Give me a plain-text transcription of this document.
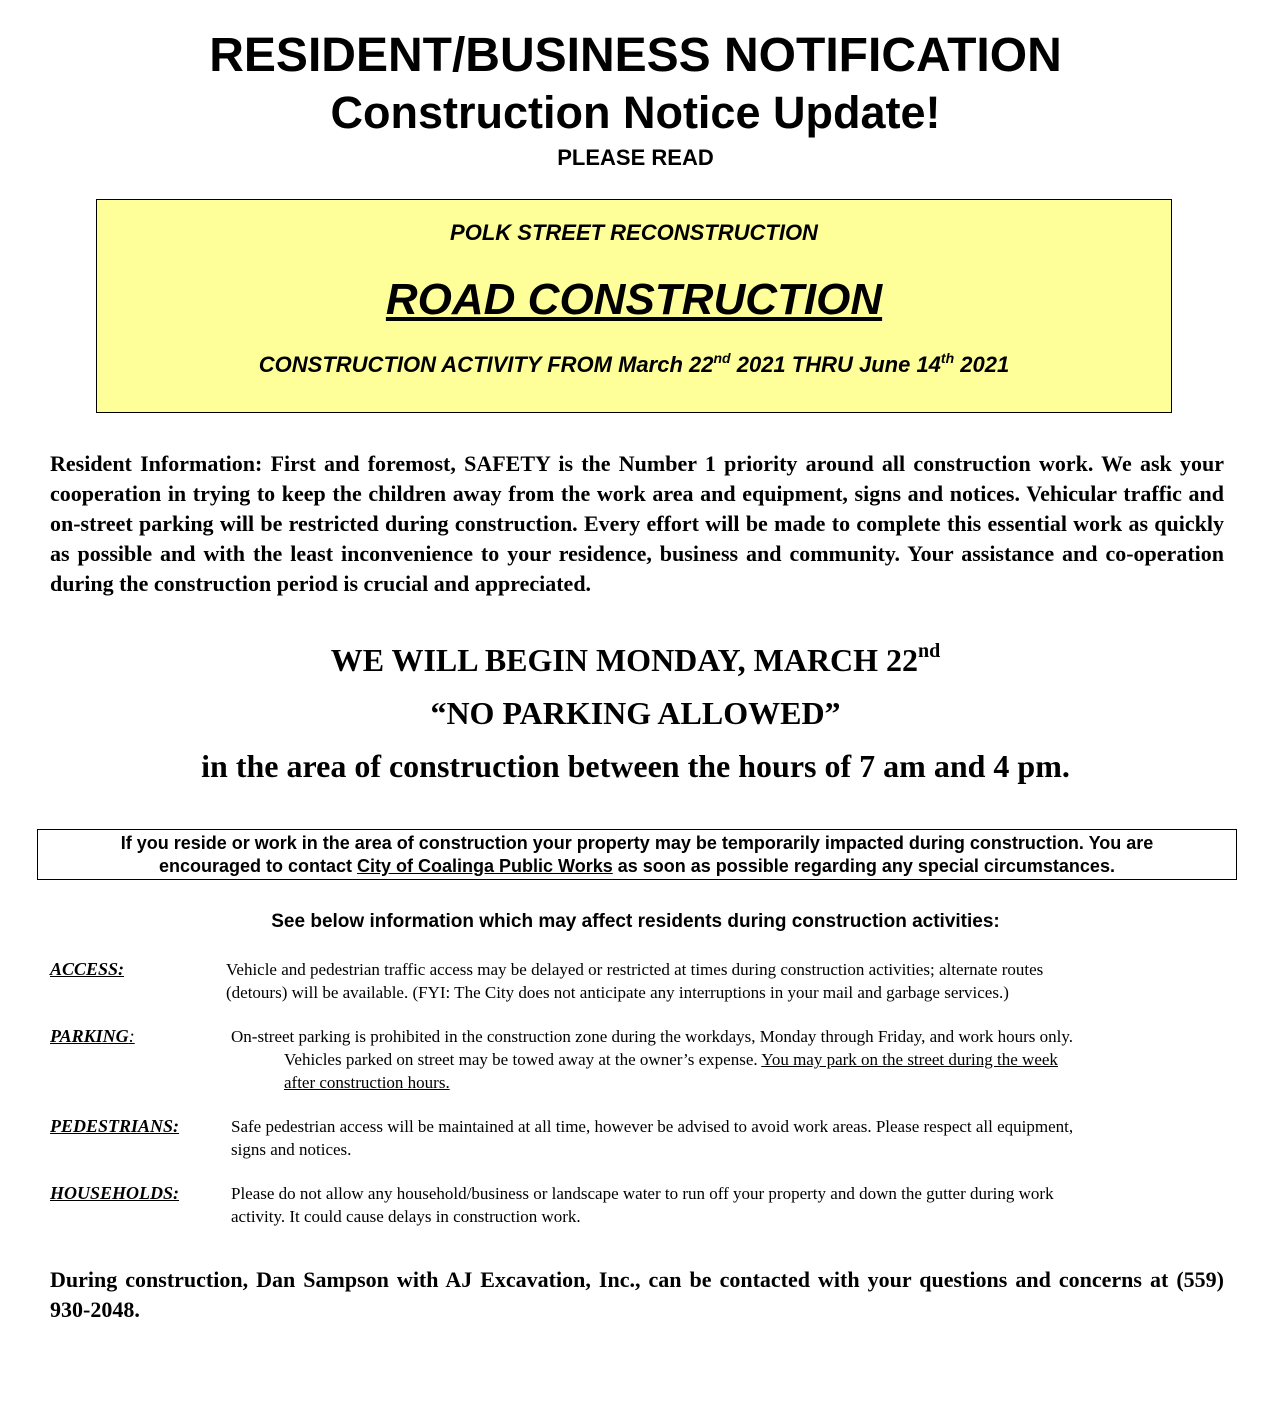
RESIDENT/BUSINESS NOTIFICATION
Construction Notice Update!
PLEASE READ
POLK STREET RECONSTRUCTION
ROAD CONSTRUCTION
CONSTRUCTION ACTIVITY FROM March 22nd 2021 THRU June 14th 2021
Resident Information: First and foremost, SAFETY is the Number 1 priority around all construction work. We ask your cooperation in trying to keep the children away from the work area and equipment, signs and notices. Vehicular traffic and on-street parking will be restricted during construction. Every effort will be made to complete this essential work as quickly as possible and with the least inconvenience to your residence, business and community. Your assistance and co-operation during the construction period is crucial and appreciated.
WE WILL BEGIN MONDAY, MARCH 22nd
“NO PARKING ALLOWED”
in the area of construction between the hours of 7 am and 4 pm.
If you reside or work in the area of construction your property may be temporarily impacted during construction. You are
encouraged to contact City of Coalinga Public Works as soon as possible regarding any special circumstances.
See below information which may affect residents during construction activities:
ACCESS:	Vehicle and pedestrian traffic access may be delayed or restricted at times during construction activities; alternate routes
(detours) will be available. (FYI: The City does not anticipate any interruptions in your mail and garbage services.)
PARKING:	On-street parking is prohibited in the construction zone during the workdays, Monday through Friday, and work hours only.
Vehicles parked on street may be towed away at the owner’s expense. You may park on the street during the week
after construction hours.
PEDESTRIANS:	Safe pedestrian access will be maintained at all time, however be advised to avoid work areas. Please respect all equipment,
signs and notices.
HOUSEHOLDS:	Please do not allow any household/business or landscape water to run off your property and down the gutter during work
activity. It could cause delays in construction work.
During construction, Dan Sampson with AJ Excavation, Inc., can be contacted with your questions and concerns at (559) 930-2048.
